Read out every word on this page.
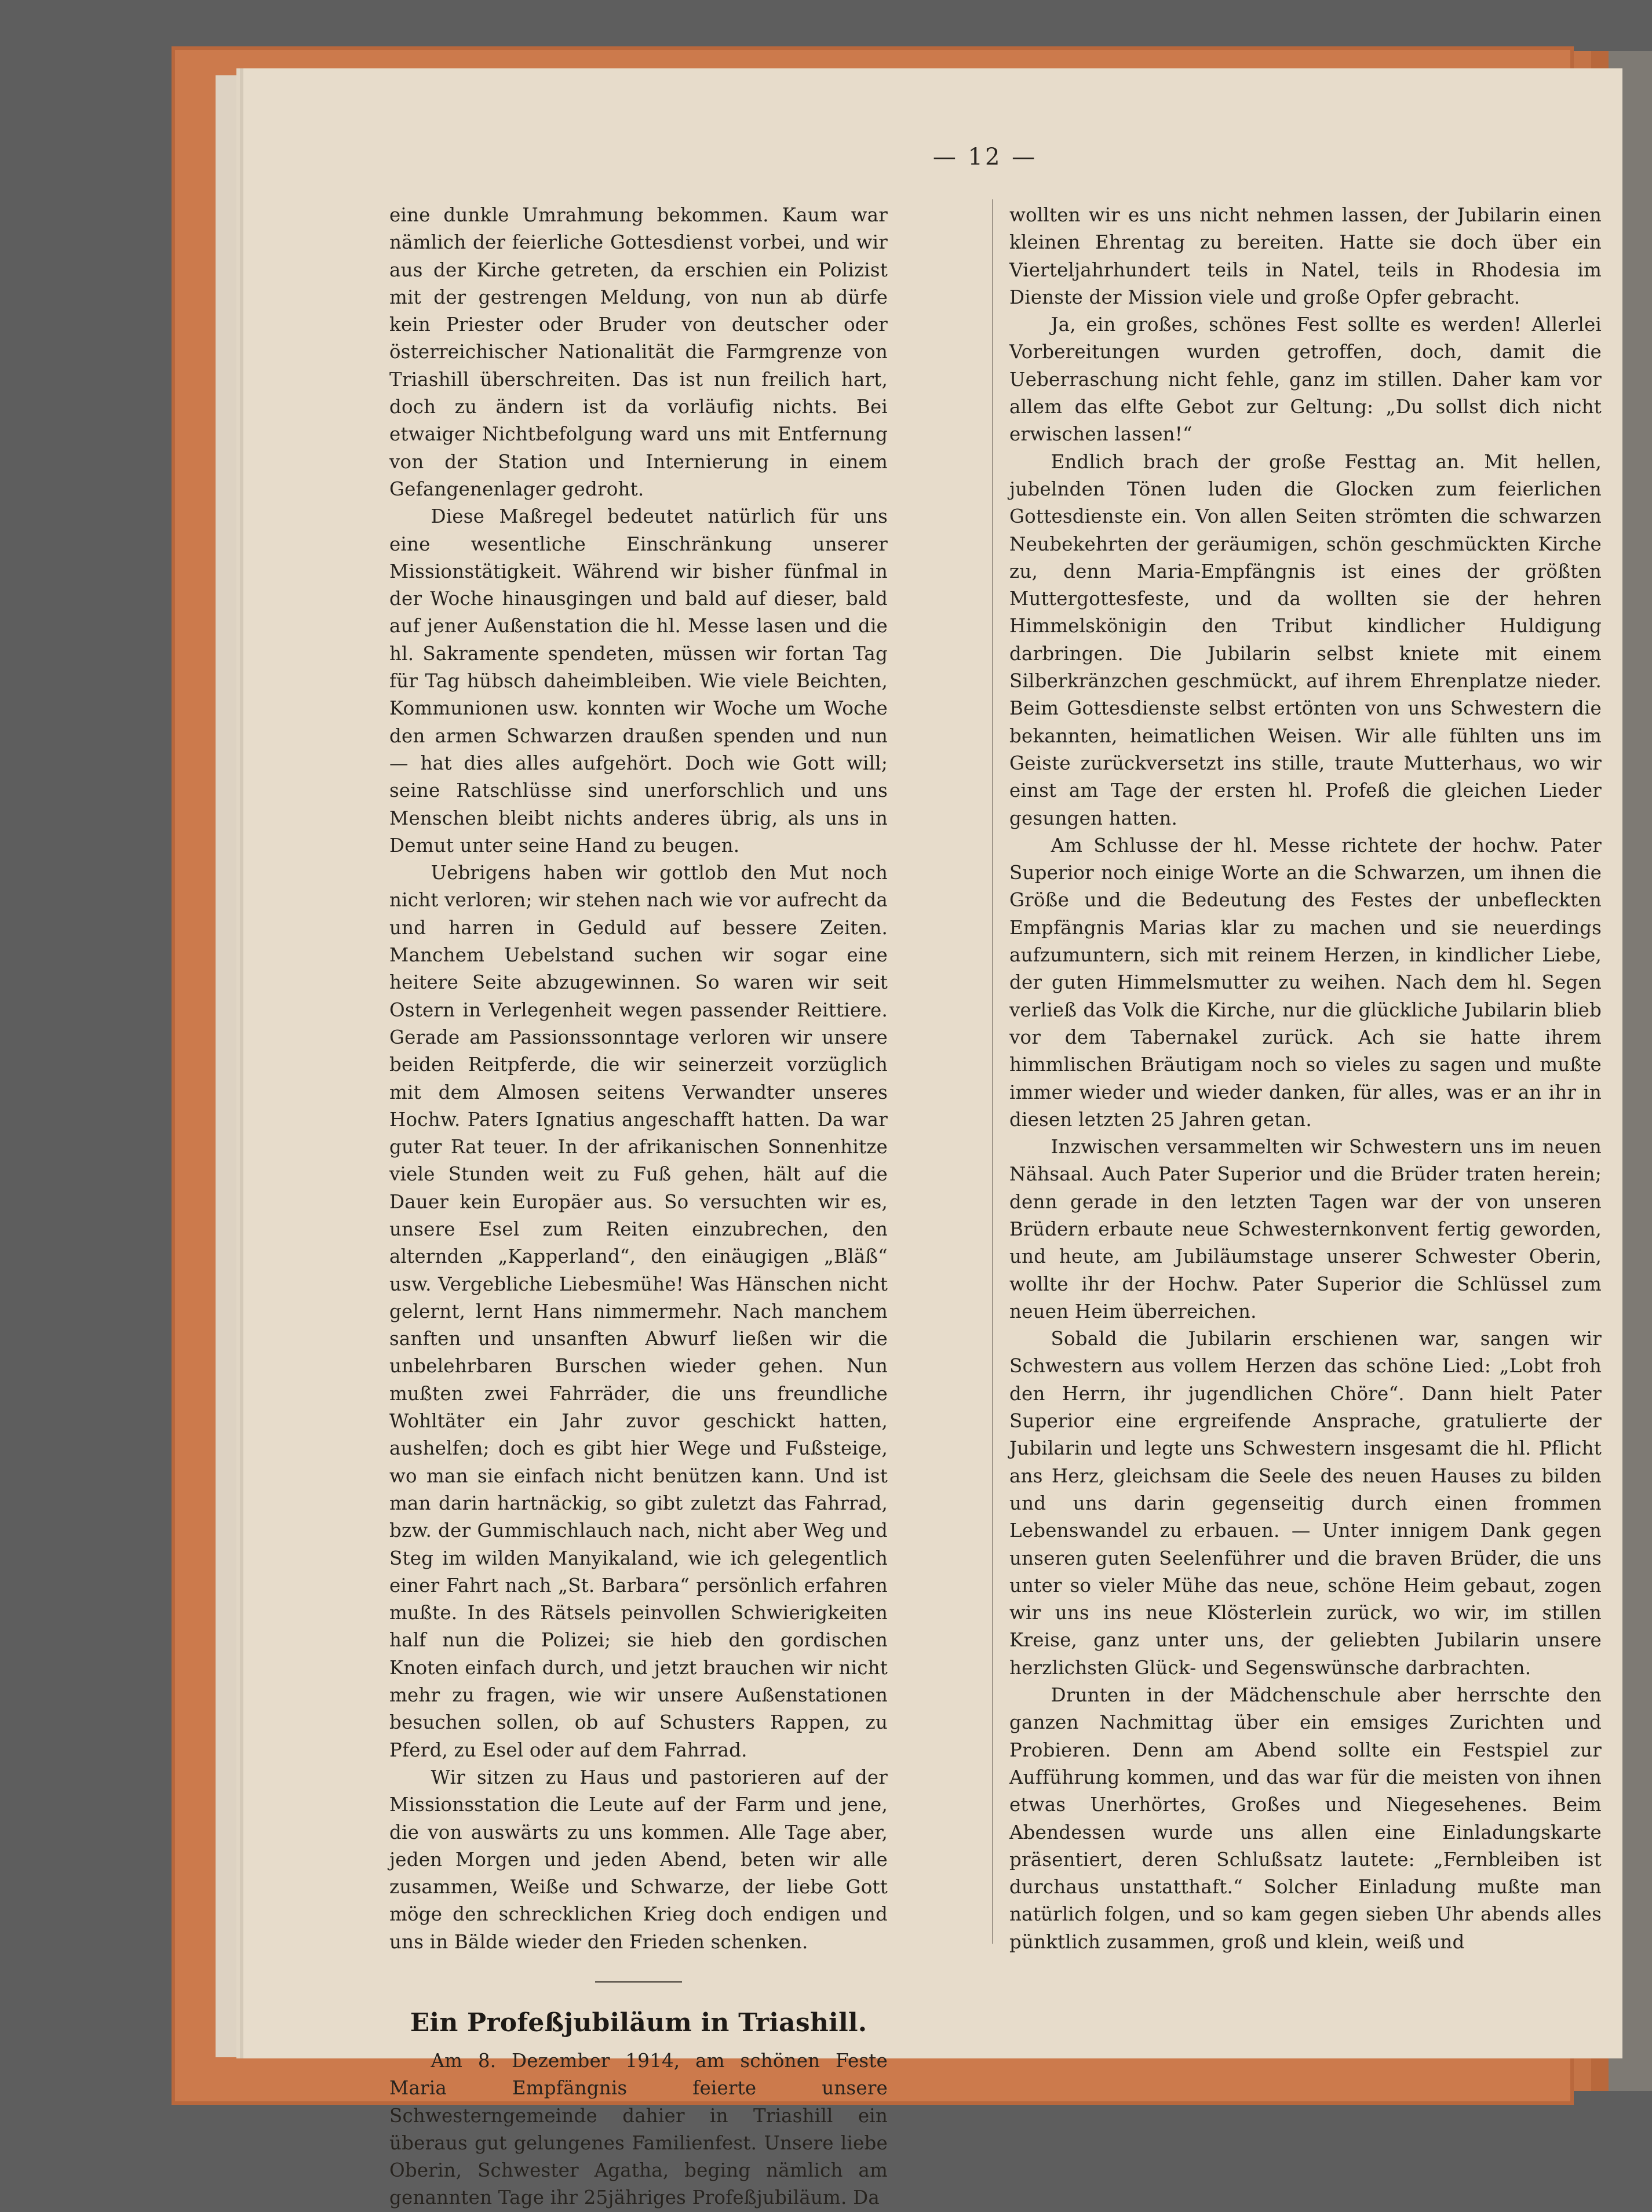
— 12 —

eine dunkle Umrahmung bekommen. Kaum war nämlich der feierliche Gottesdienst vorbei, und wir aus der Kirche getreten, da erschien ein Polizist mit der gestrengen Meldung, von nun ab dürfe kein Priester oder Bruder von deutscher oder österreichischer Nationalität die Farmgrenze von Triashill überschreiten. Das ist nun freilich hart, doch zu ändern ist da vorläufig nichts. Bei etwaiger Nichtbefolgung ward uns mit Entfernung von der Station und Internierung in einem Gefangenenlager gedroht.

Diese Maßregel bedeutet natürlich für uns eine wesentliche Einschränkung unserer Missionstätigkeit. Während wir bisher fünfmal in der Woche hinausgingen und bald auf dieser, bald auf jener Außenstation die hl. Messe lasen und die hl. Sakramente spendeten, müssen wir fortan Tag für Tag hübsch daheimbleiben. Wie viele Beichten, Kommunionen usw. konnten wir Woche um Woche den armen Schwarzen draußen spenden und nun — hat dies alles aufgehört. Doch wie Gott will; seine Ratschlüsse sind unerforschlich und uns Menschen bleibt nichts anderes übrig, als uns in Demut unter seine Hand zu beugen.

Uebrigens haben wir gottlob den Mut noch nicht verloren; wir stehen nach wie vor aufrecht da und harren in Geduld auf bessere Zeiten. Manchem Uebelstand suchen wir sogar eine heitere Seite abzugewinnen. So waren wir seit Ostern in Verlegenheit wegen passender Reittiere. Gerade am Passionssonntage verloren wir unsere beiden Reitpferde, die wir seinerzeit vorzüglich mit dem Almosen seitens Verwandter unseres Hochw. Paters Ignatius angeschafft hatten. Da war guter Rat teuer. In der afrikanischen Sonnenhitze viele Stunden weit zu Fuß gehen, hält auf die Dauer kein Europäer aus. So versuchten wir es, unsere Esel zum Reiten einzubrechen, den alternden „Kapperland“, den einäugigen „Bläß“ usw. Vergebliche Liebesmühe! Was Hänschen nicht gelernt, lernt Hans nimmermehr. Nach manchem sanften und unsanften Abwurf ließen wir die unbelehrbaren Burschen wieder gehen. Nun mußten zwei Fahrräder, die uns freundliche Wohltäter ein Jahr zuvor geschickt hatten, aushelfen; doch es gibt hier Wege und Fußsteige, wo man sie einfach nicht benützen kann. Und ist man darin hartnäckig, so gibt zuletzt das Fahrrad, bzw. der Gummischlauch nach, nicht aber Weg und Steg im wilden Manyikaland, wie ich gelegentlich einer Fahrt nach „St. Barbara“ persönlich erfahren mußte. In des Rätsels peinvollen Schwierigkeiten half nun die Polizei; sie hieb den gordischen Knoten einfach durch, und jetzt brauchen wir nicht mehr zu fragen, wie wir unsere Außenstationen besuchen sollen, ob auf Schusters Rappen, zu Pferd, zu Esel oder auf dem Fahrrad.

Wir sitzen zu Haus und pastorieren auf der Missionsstation die Leute auf der Farm und jene, die von auswärts zu uns kommen. Alle Tage aber, jeden Morgen und jeden Abend, beten wir alle zusammen, Weiße und Schwarze, der liebe Gott möge den schrecklichen Krieg doch endigen und uns in Bälde wieder den Frieden schenken.

Ein Profeßjubiläum in Triashill.

Am 8. Dezember 1914, am schönen Feste Maria Empfängnis feierte unsere Schwesterngemeinde dahier in Triashill ein überaus gut gelungenes Familienfest. Unsere liebe Oberin, Schwester Agatha, beging nämlich am genannten Tage ihr 25jähriges Profeßjubiläum. Da

wollten wir es uns nicht nehmen lassen, der Jubilarin einen kleinen Ehrentag zu bereiten. Hatte sie doch über ein Vierteljahrhundert teils in Natel, teils in Rhodesia im Dienste der Mission viele und große Opfer gebracht.

Ja, ein großes, schönes Fest sollte es werden! Allerlei Vorbereitungen wurden getroffen, doch, damit die Ueberraschung nicht fehle, ganz im stillen. Daher kam vor allem das elfte Gebot zur Geltung: „Du sollst dich nicht erwischen lassen!“

Endlich brach der große Festtag an. Mit hellen, jubelnden Tönen luden die Glocken zum feierlichen Gottesdienste ein. Von allen Seiten strömten die schwarzen Neubekehrten der geräumigen, schön geschmückten Kirche zu, denn Maria-Empfängnis ist eines der größten Muttergottesfeste, und da wollten sie der hehren Himmelskönigin den Tribut kindlicher Huldigung darbringen. Die Jubilarin selbst kniete mit einem Silberkränzchen geschmückt, auf ihrem Ehrenplatze nieder. Beim Gottesdienste selbst ertönten von uns Schwestern die bekannten, heimatlichen Weisen. Wir alle fühlten uns im Geiste zurückversetzt ins stille, traute Mutterhaus, wo wir einst am Tage der ersten hl. Profeß die gleichen Lieder gesungen hatten.

Am Schlusse der hl. Messe richtete der hochw. Pater Superior noch einige Worte an die Schwarzen, um ihnen die Größe und die Bedeutung des Festes der unbefleckten Empfängnis Marias klar zu machen und sie neuerdings aufzumuntern, sich mit reinem Herzen, in kindlicher Liebe, der guten Himmelsmutter zu weihen. Nach dem hl. Segen verließ das Volk die Kirche, nur die glückliche Jubilarin blieb vor dem Tabernakel zurück. Ach sie hatte ihrem himmlischen Bräutigam noch so vieles zu sagen und mußte immer wieder und wieder danken, für alles, was er an ihr in diesen letzten 25 Jahren getan.

Inzwischen versammelten wir Schwestern uns im neuen Nähsaal. Auch Pater Superior und die Brüder traten herein; denn gerade in den letzten Tagen war der von unseren Brüdern erbaute neue Schwesternkonvent fertig geworden, und heute, am Jubiläumstage unserer Schwester Oberin, wollte ihr der Hochw. Pater Superior die Schlüssel zum neuen Heim überreichen.

Sobald die Jubilarin erschienen war, sangen wir Schwestern aus vollem Herzen das schöne Lied: „Lobt froh den Herrn, ihr jugendlichen Chöre“. Dann hielt Pater Superior eine ergreifende Ansprache, gratulierte der Jubilarin und legte uns Schwestern insgesamt die hl. Pflicht ans Herz, gleichsam die Seele des neuen Hauses zu bilden und uns darin gegenseitig durch einen frommen Lebenswandel zu erbauen. — Unter innigem Dank gegen unseren guten Seelenführer und die braven Brüder, die uns unter so vieler Mühe das neue, schöne Heim gebaut, zogen wir uns ins neue Klösterlein zurück, wo wir, im stillen Kreise, ganz unter uns, der geliebten Jubilarin unsere herzlichsten Glück- und Segenswünsche darbrachten.

Drunten in der Mädchenschule aber herrschte den ganzen Nachmittag über ein emsiges Zurichten und Probieren. Denn am Abend sollte ein Festspiel zur Aufführung kommen, und das war für die meisten von ihnen etwas Unerhörtes, Großes und Niegesehenes. Beim Abendessen wurde uns allen eine Einladungskarte präsentiert, deren Schlußsatz lautete: „Fernbleiben ist durchaus unstatthaft.“ Solcher Einladung mußte man natürlich folgen, und so kam gegen sieben Uhr abends alles pünktlich zusammen, groß und klein, weiß und
